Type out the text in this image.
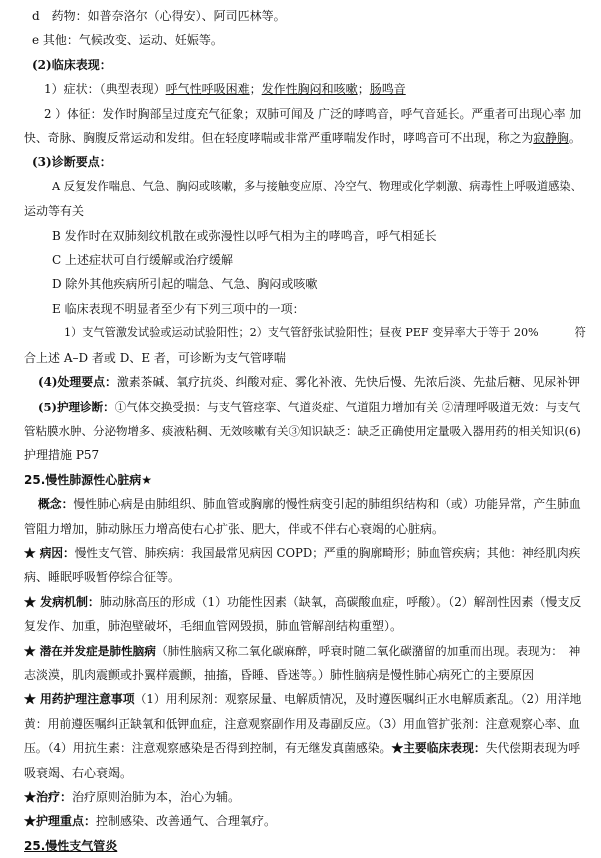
d　药物：如普奈洛尔（心得安）、阿司匹林等。
e 其他：气候改变、运动、妊娠等。
(2)临床表现：
1）症状：（典型表现）呼气性呼吸困难；发作性胸闷和咳嗽；肠鸣音
2 ）体征：发作时胸部呈过度充气征象；双肺可闻及 广泛的哮鸣音，呼气音延长。严重者可出现心率 加
快、奇脉、胸腹反常运动和发绀。但在轻度哮喘或非常严重哮喘发作时，哮鸣音可不出现，称之为寂静胸。
(3)诊断要点：
A 反复发作喘息、气急、胸闷或咳嗽，多与接触变应原、冷空气、物理或化学刺激、病毒性上呼吸道感染、
运动等有关
B 发作时在双肺刻纹机散在或弥漫性以呼气相为主的哮鸣音，呼气相延长
C 上述症状可自行缓解或治疗缓解
D 除外其他疾病所引起的喘急、气急、胸闷或咳嗽
E 临床表现不明显者至少有下列三项中的一项：
1）支气管激发试验或运动试验阳性；2）支气管舒张试验阳性；昼夜 PEF 变异率大于等于 20%	符
合上述 A–D 者或 D、E 者，可诊断为支气管哮喘
(4)处理要点：激素茶碱、氧疗抗炎、纠酸对症、雾化补液、先快后慢、先浓后淡、先盐后糖、见尿补钾
(5)护理诊断：①气体交换受损：与支气管痉挛、气道炎症、气道阻力增加有关 ②清理呼吸道无效：与支气
管粘膜水肿、分泌物增多、痰液粘稠、无效咳嗽有关③知识缺乏：缺乏正确使用定量吸入器用药的相关知识(6)
护理措施 P57
25.慢性肺源性心脏病★
概念：慢性肺心病是由肺组织、肺血管或胸廓的慢性病变引起的肺组织结构和（或）功能异常，产生肺血
管阻力增加，肺动脉压力增高使右心扩张、肥大，伴或不伴右心衰竭的心脏病。
★ 病因：慢性支气管、肺疾病：我国最常见病因 COPD；严重的胸廓畸形；肺血管疾病；其他：神经肌肉疾
病、睡眠呼吸暂停综合征等。
★ 发病机制：肺动脉高压的形成（1）功能性因素（缺氧，高碳酸血症，呼酸）。（2）解剖性因素（慢支反
复发作、加重，肺泡壁破坏，毛细血管网毁损，肺血管解剖结构重塑）。
★ 潜在并发症是肺性脑病（肺性脑病又称二氧化碳麻醉，呼衰时随二氧化碳潴留的加重而出现。表现为：　神
志淡漠，肌肉震颤或扑翼样震颤，抽搐，昏睡、昏迷等。）肺性脑病是慢性肺心病死亡的主要原因
★ 用药护理注意事项（1）用利尿剂：观察尿量、电解质情况，及时遵医嘱纠正水电解质紊乱。（2）用洋地
黄：用前遵医嘱纠正缺氧和低钾血症，注意观察副作用及毒副反应。（3）用血管扩张剂：注意观察心率、血
压。（4）用抗生素：注意观察感染是否得到控制，有无继发真菌感染。★主要临床表现：失代偿期表现为呼
吸衰竭、右心衰竭。
★治疗：治疗原则治肺为本，治心为辅。
★护理重点：控制感染、改善通气、合理氧疗。
25.慢性支气管炎
